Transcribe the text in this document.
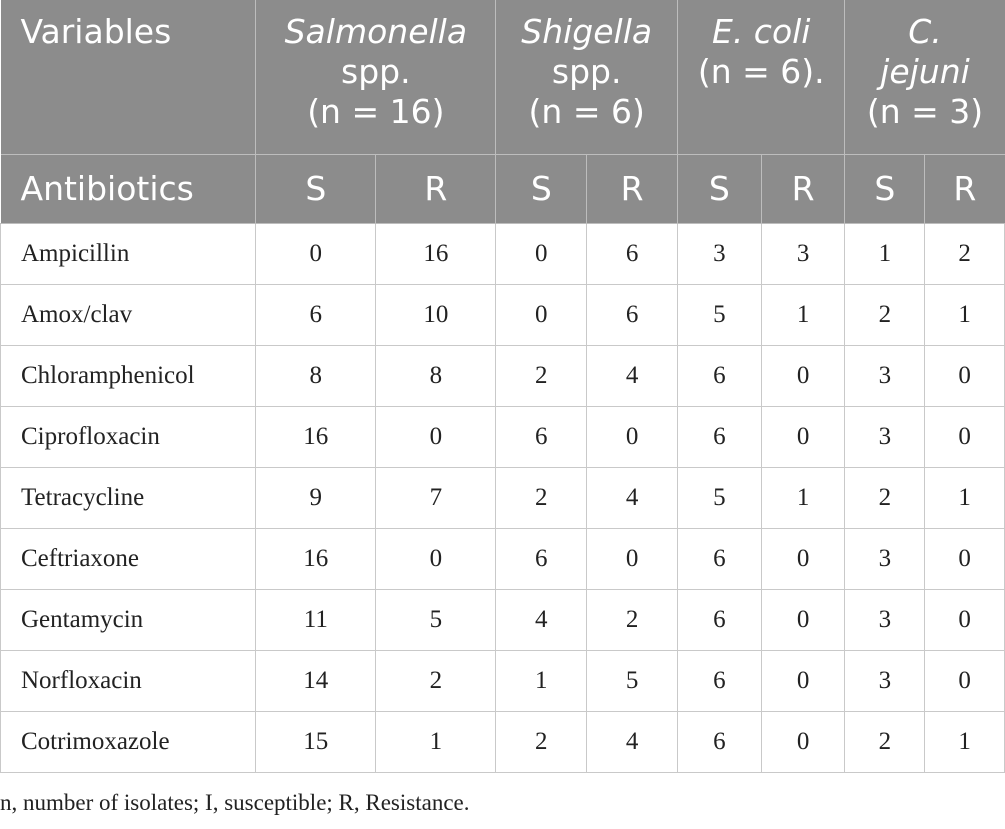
Variables	Salmonella
spp.
(n = 16)		Shigella
spp.
(n = 6)		E. coli
(n = 6).		C.
jejuni
(n = 3)	
Antibiotics	S	R	S	R	S	R	S	R
Ampicillin	0	16	0	6	3	3	1	2
Amox/clav	6	10	0	6	5	1	2	1
Chloramphenicol	8	8	2	4	6	0	3	0
Ciprofloxacin	16	0	6	0	6	0	3	0
Tetracycline	9	7	2	4	5	1	2	1
Ceftriaxone	16	0	6	0	6	0	3	0
Gentamycin	11	5	4	2	6	0	3	0
Norfloxacin	14	2	1	5	6	0	3	0
Cotrimoxazole	15	1	2	4	6	0	2	1
n, number of isolates; I, susceptible; R, Resistance.
